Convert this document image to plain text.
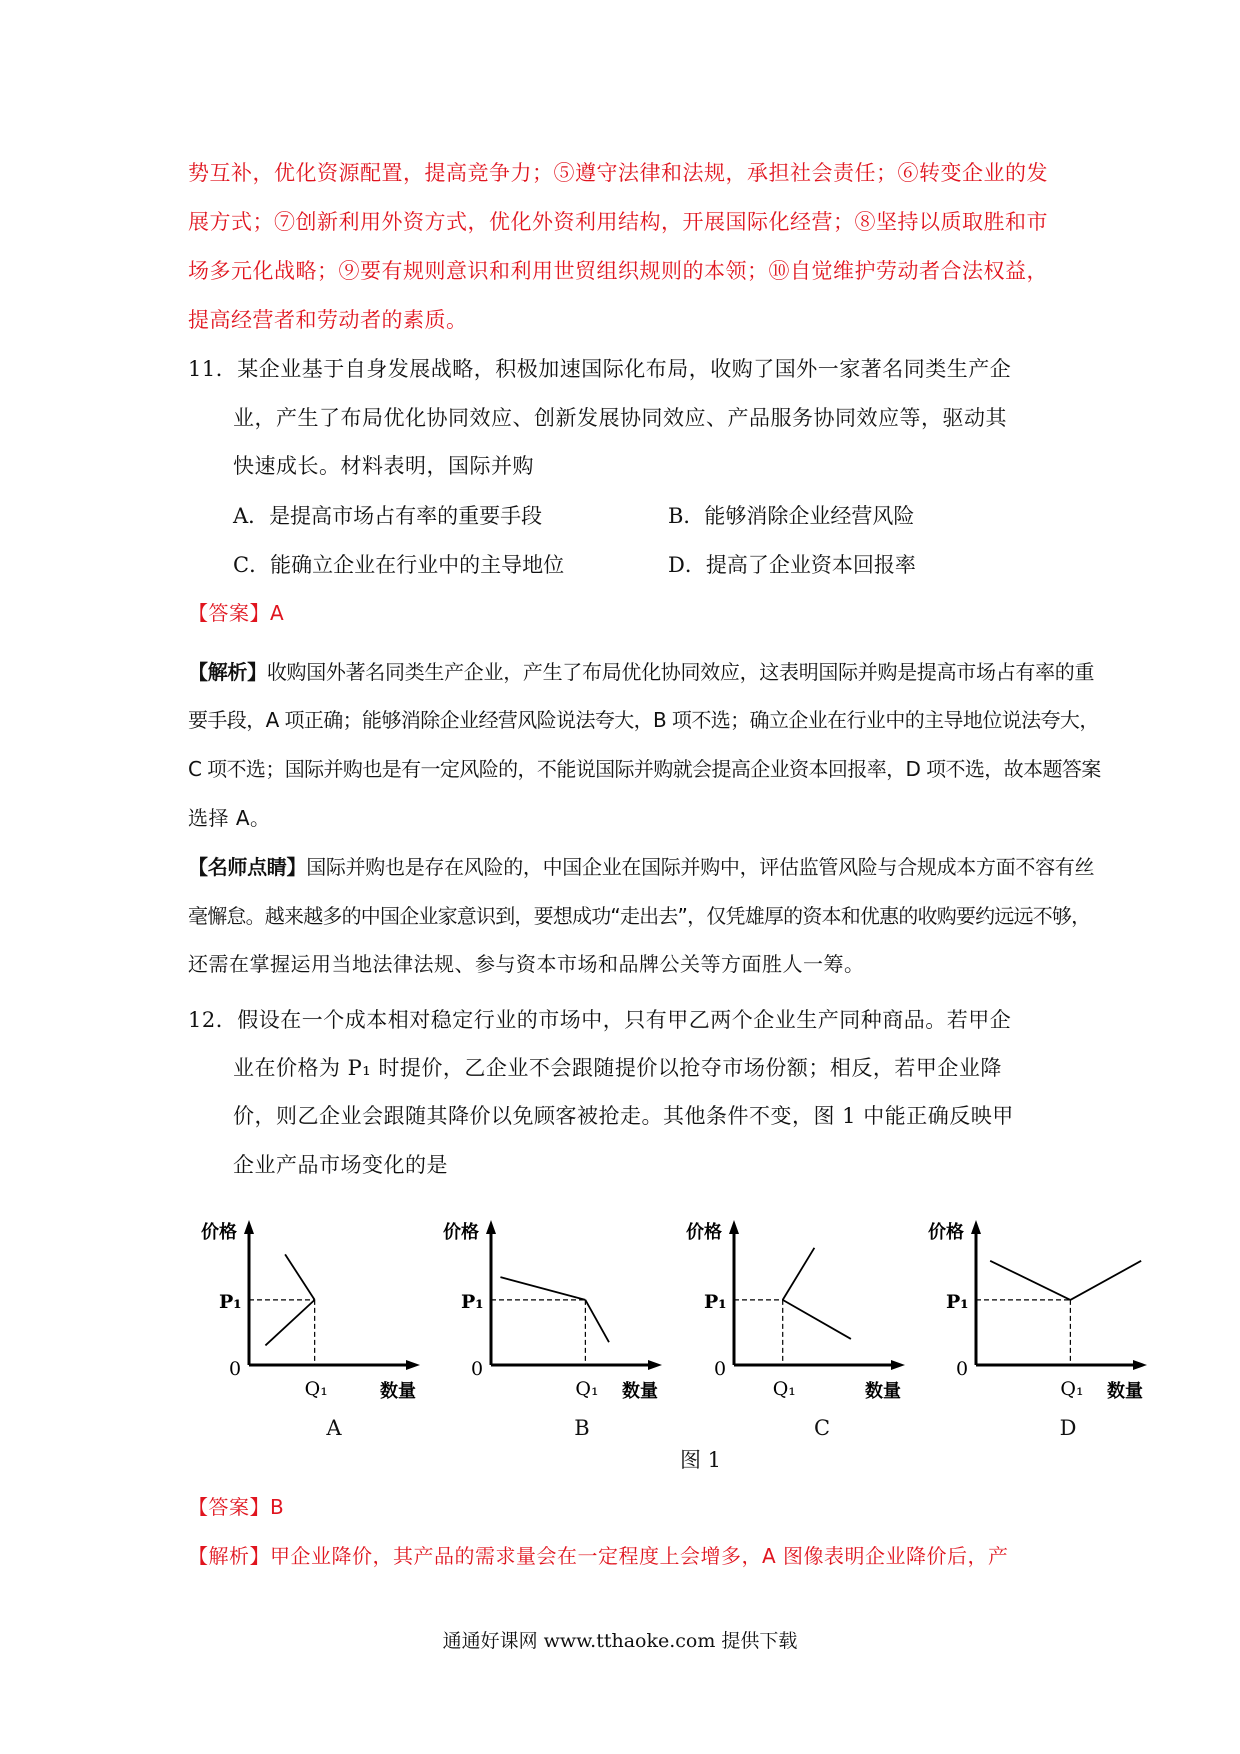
势互补，优化资源配置，提高竞争力；⑤遵守法律和法规，承担社会责任；⑥转变企业的发
展方式；⑦创新利用外资方式，优化外资利用结构，开展国际化经营；⑧坚持以质取胜和市
场多元化战略；⑨要有规则意识和利用世贸组织规则的本领；⑩自觉维护劳动者合法权益，
提高经营者和劳动者的素质。
11．某企业基于自身发展战略，积极加速国际化布局，收购了国外一家著名同类生产企
业，产生了布局优化协同效应、创新发展协同效应、产品服务协同效应等，驱动其
快速成长。材料表明，国际并购
A．是提高市场占有率的重要手段	B．能够消除企业经营风险
C．能确立企业在行业中的主导地位	D．提高了企业资本回报率
【答案】A
【解析】收购国外著名同类生产企业，产生了布局优化协同效应，这表明国际并购是提高市场占有率的重
要手段，A 项正确；能够消除企业经营风险说法夸大，B 项不选；确立企业在行业中的主导地位说法夸大，
C 项不选；国际并购也是有一定风险的，不能说国际并购就会提高企业资本回报率，D 项不选，故本题答案
选择 A。
【名师点睛】国际并购也是存在风险的，中国企业在国际并购中，评估监管风险与合规成本方面不容有丝
毫懈怠。越来越多的中国企业家意识到，要想成功“走出去”，仅凭雄厚的资本和优惠的收购要约远远不够，
还需在掌握运用当地法律法规、参与资本市场和品牌公关等方面胜人一筹。
12．假设在一个成本相对稳定行业的市场中，只有甲乙两个企业生产同种商品。若甲企
业在价格为 P₁ 时提价，乙企业不会跟随提价以抢夺市场份额；相反，若甲企业降
价，则乙企业会跟随其降价以免顾客被抢走。其他条件不变，图 1 中能正确反映甲
企业产品市场变化的是
价格
P₁
0
Q₁	数量
价格
P₁
0
Q₁ 数量
价格
P₁
0
Q₁	数量
价格
P₁
0
Q₁ 数量
A	B	C	D
图 1
【答案】B
【解析】甲企业降价，其产品的需求量会在一定程度上会增多，A 图像表明企业降价后，产
通通好课网 www.tthaoke.com 提供下载
